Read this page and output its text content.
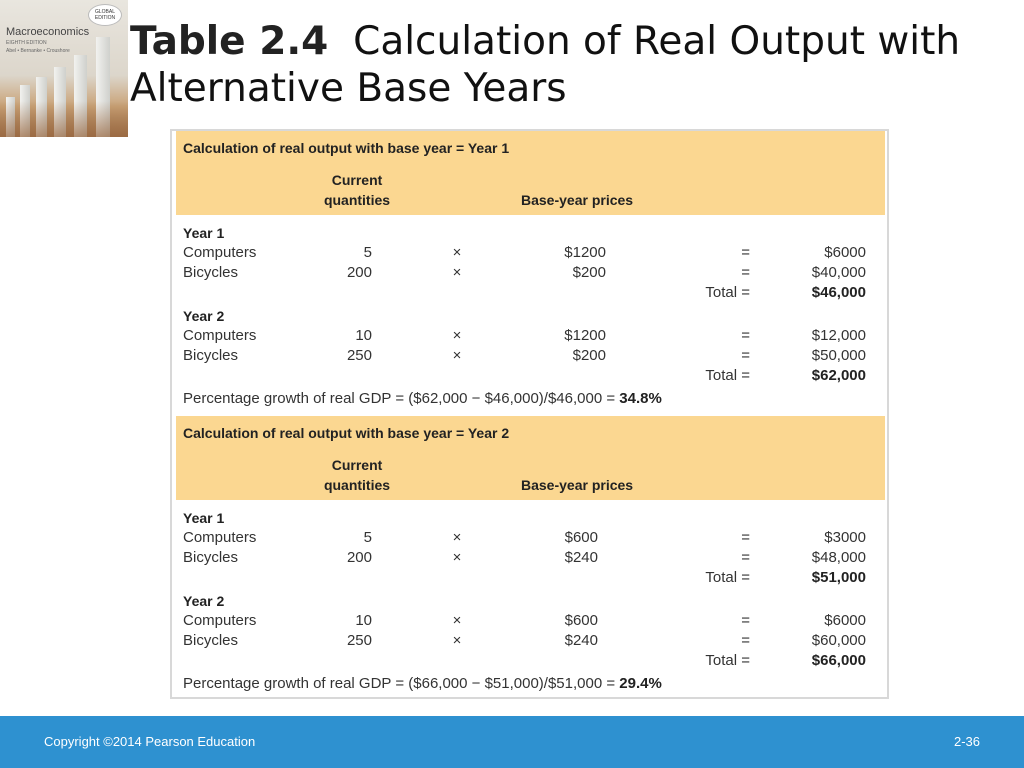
GLOBAL EDITION
Macroeconomics
EIGHTH EDITION
Abel • Bernanke • Croushore Table 2.4 Calculation of Real Output with Alternative Base Years
Calculation of real output with base year = Year 1
Current
quantities	Base-year prices
Year 1
Computers	5	×	$1200	=	$6000
Bicycles	200	×	$200	=	$40,000
Total =	$46,000
Year 2
Computers	10	×	$1200	=	$12,000
Bicycles	250	×	$200	=	$50,000
Total =	$62,000
Percentage growth of real GDP = ($62,000 − $46,000)/$46,000 = 34.8%
Calculation of real output with base year = Year 2
Current
quantities	Base-year prices
Year 1
Computers	5	×	$600	=	$3000
Bicycles	200	×	$240	=	$48,000
Total =	$51,000
Year 2
Computers	10	×	$600	=	$6000
Bicycles	250	×	$240	=	$60,000
Total =	$66,000
Percentage growth of real GDP = ($66,000 − $51,000)/$51,000 = 29.4%
Copyright ©2014 Pearson Education	2-36
